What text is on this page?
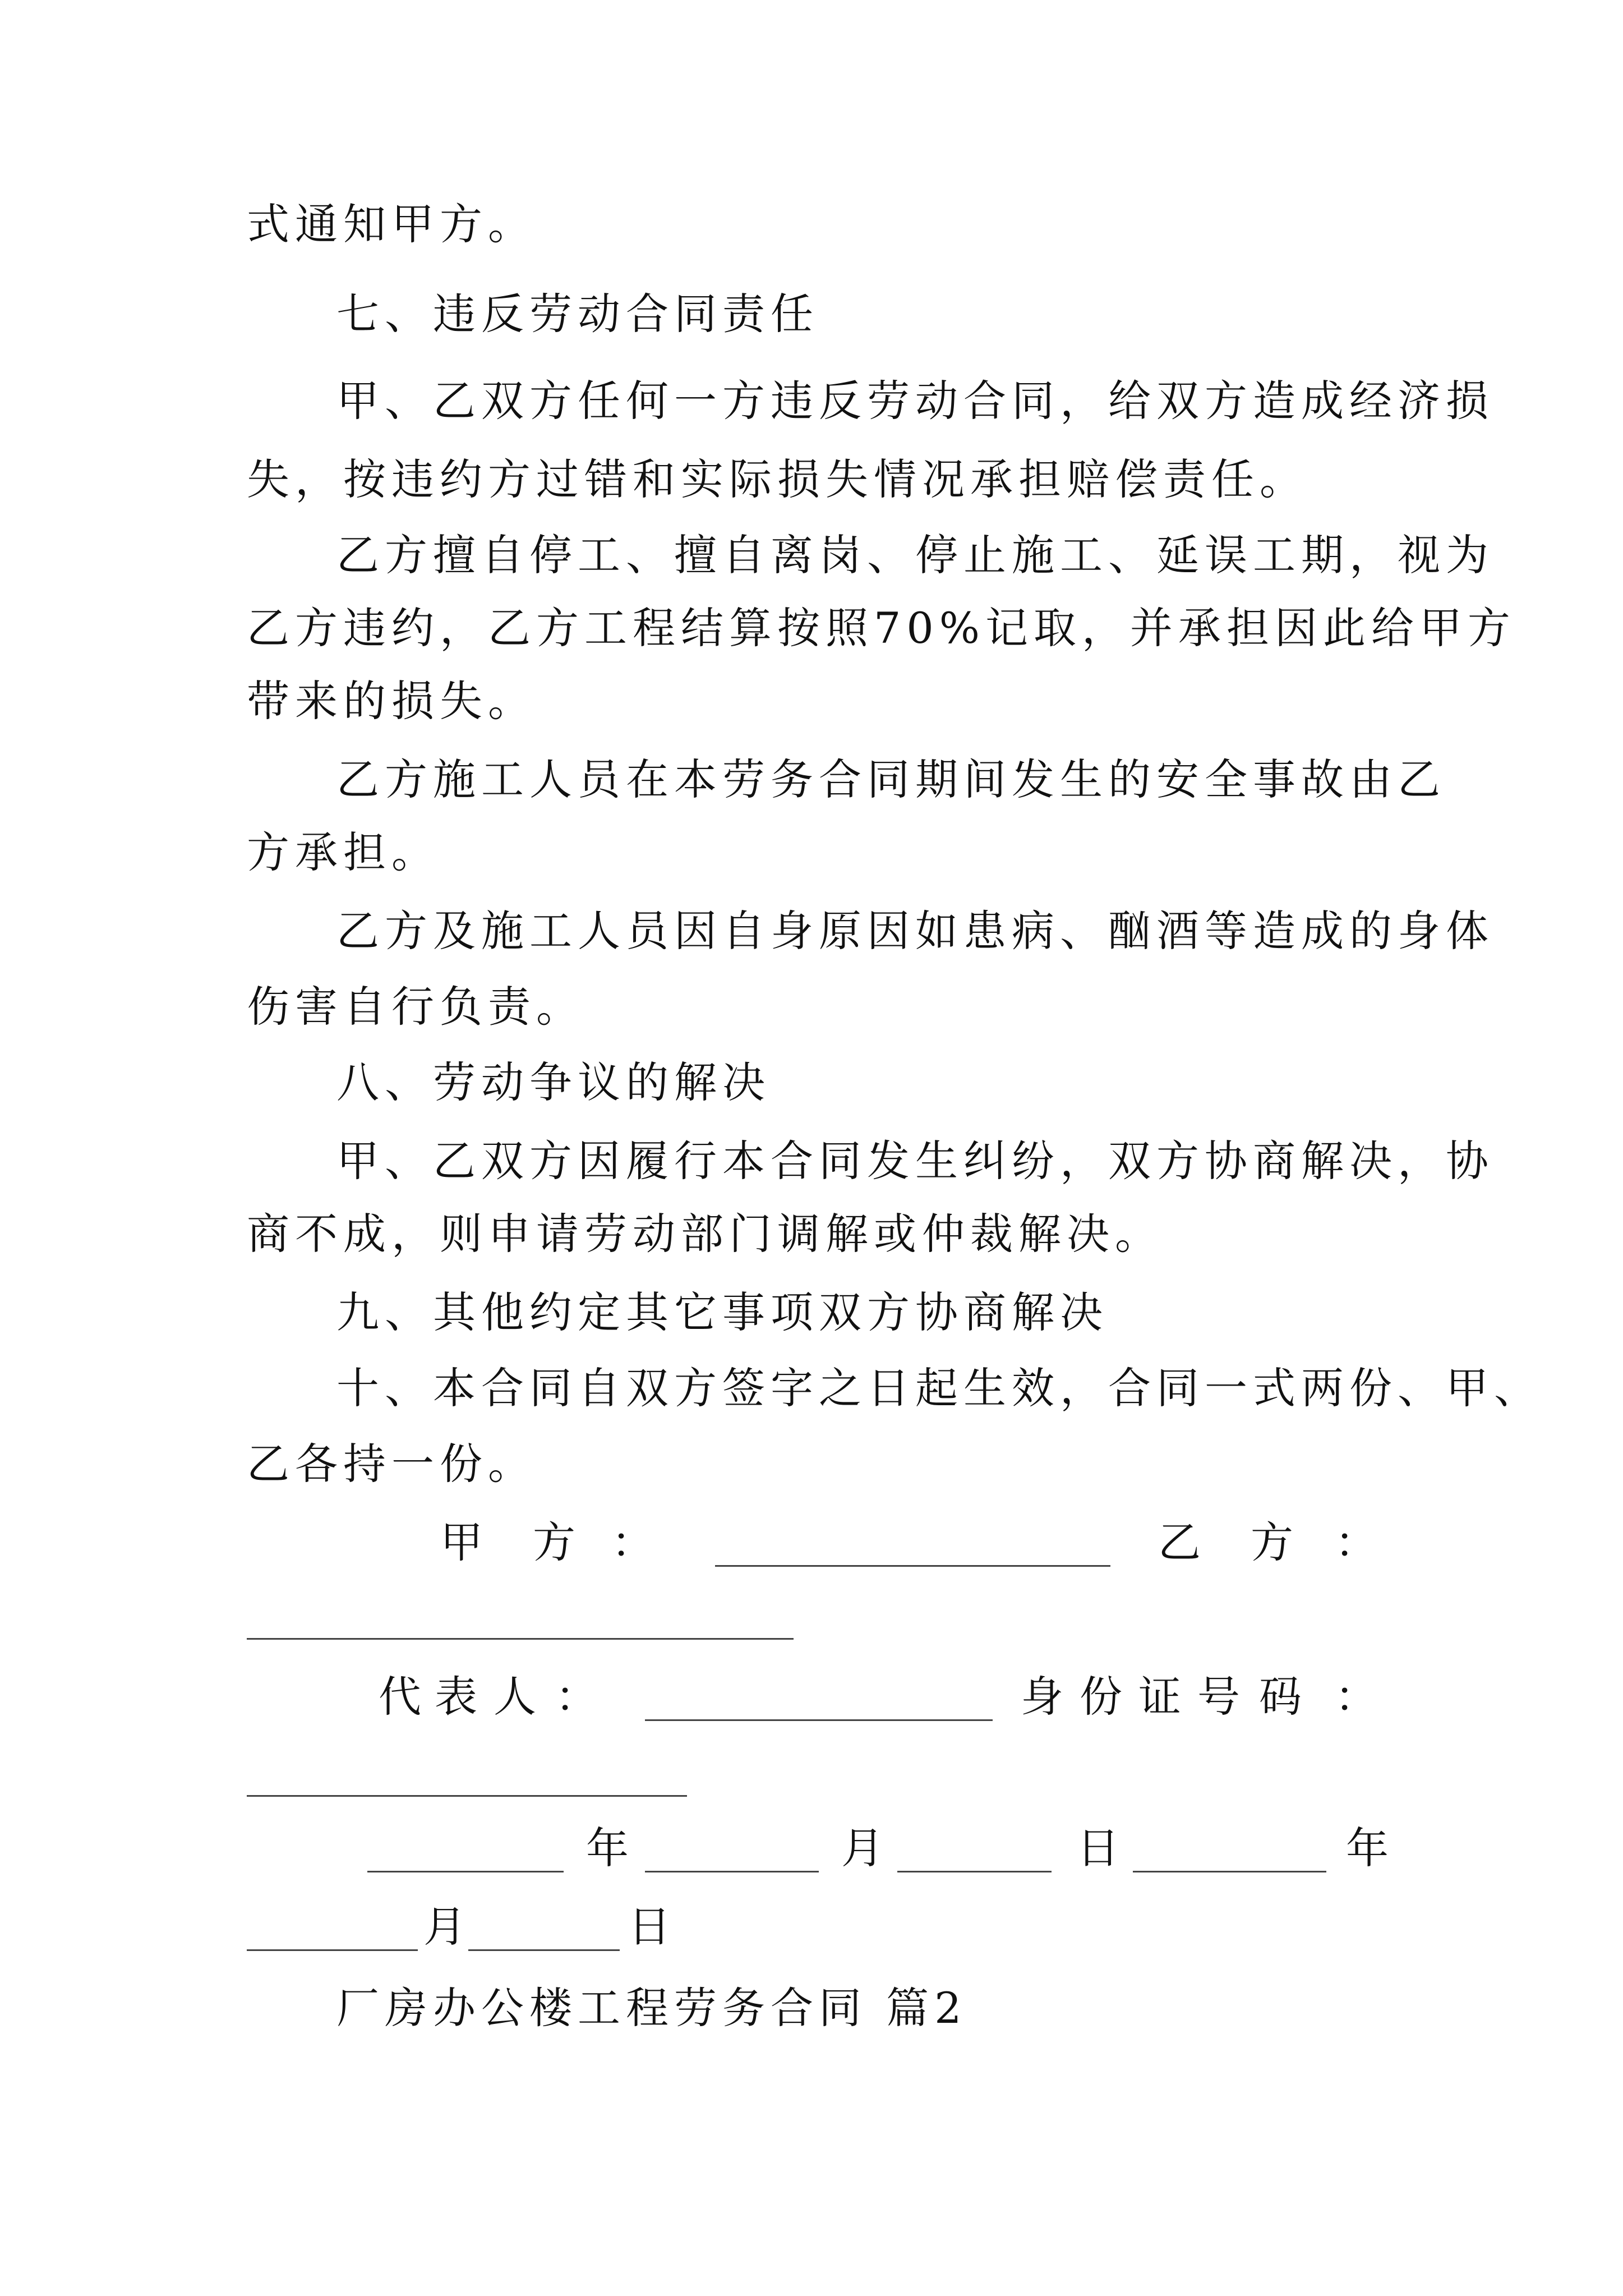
式通知甲方。
七、违反劳动合同责任
甲、乙双方任何一方违反劳动合同，给双方造成经济损
失，按违约方过错和实际损失情况承担赔偿责任。
乙方擅自停工、擅自离岗、停止施工、延误工期，视为
乙方违约，乙方工程结算按照70%记取，并承担因此给甲方
带来的损失。
乙方施工人员在本劳务合同期间发生的安全事故由乙
方承担。
乙方及施工人员因自身原因如患病、酗酒等造成的身体
伤害自行负责。
八、劳动争议的解决
甲、乙双方因履行本合同发生纠纷，双方协商解决，协
商不成，则申请劳动部门调解或仲裁解决。
九、其他约定其它事项双方协商解决
十、本合同自双方签字之日起生效，合同一式两份、甲、
乙各持一份。
甲 方 ：	乙 方 ：
代 表 人 ：	身 份 证 号 码 ：
年	月	日	年
月	日
厂房办公楼工程劳务合同 篇2
